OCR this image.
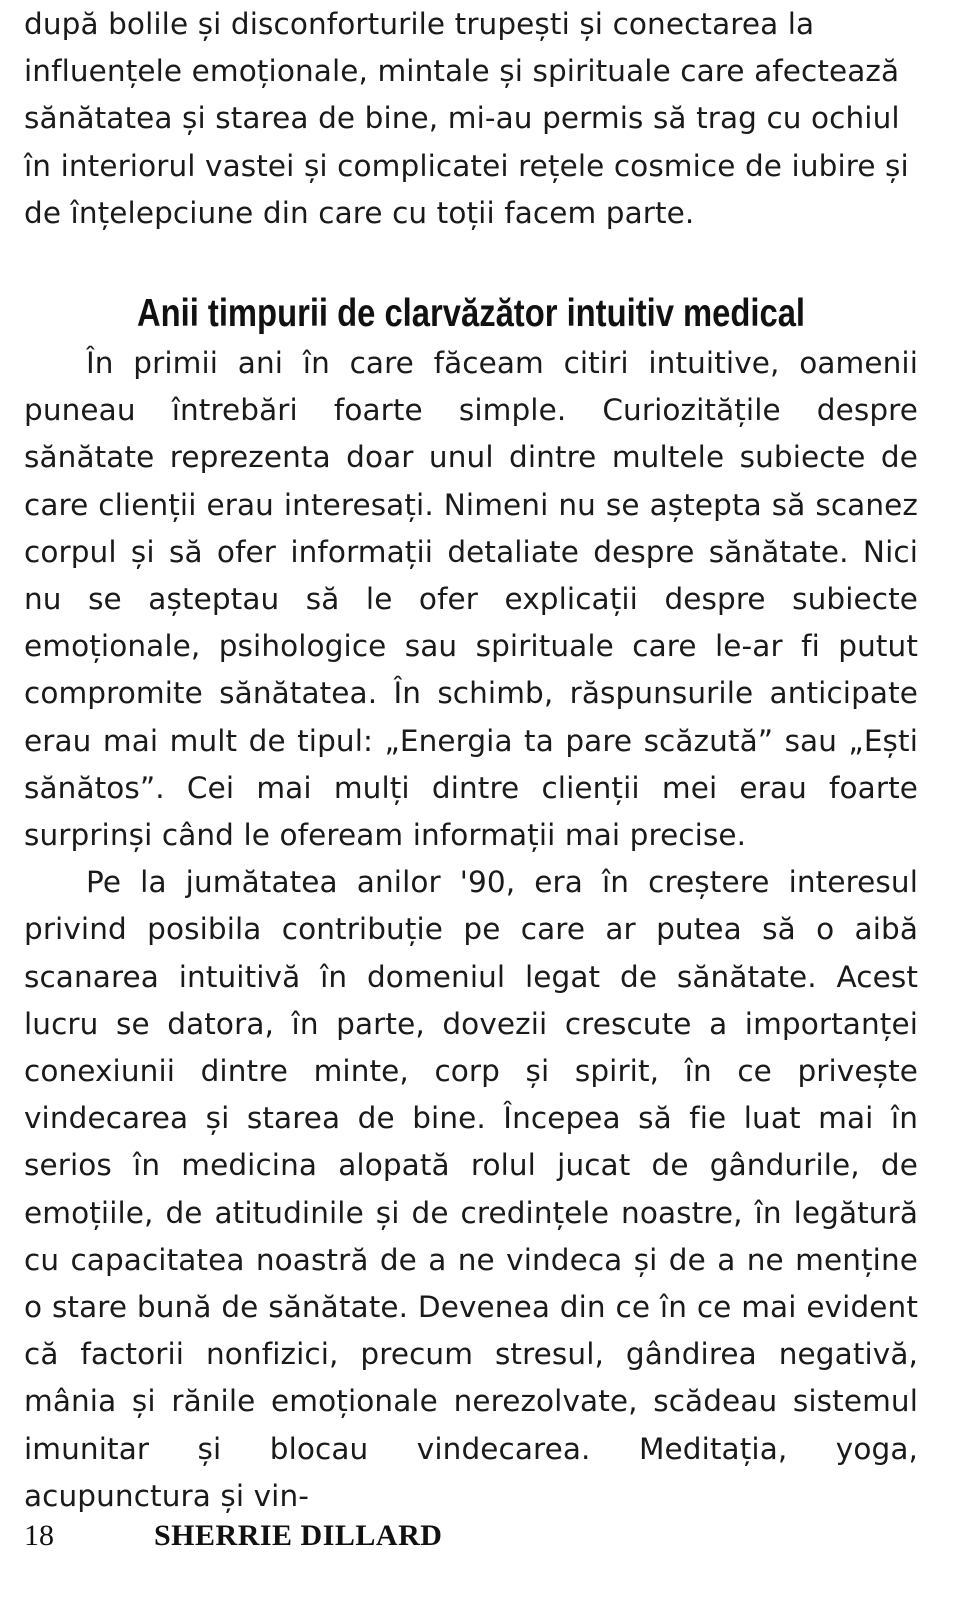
după bolile și disconforturile trupești și conectarea la influențele emoționale, mintale și spirituale care afectează sănătatea și starea de bine, mi-au permis să trag cu ochiul în interiorul vastei și complicatei rețele cosmice de iubire și de înțelepciune din care cu toții facem parte.

Anii timpurii de clarvăzător intuitiv medical

În primii ani în care făceam citiri intuitive, oamenii puneau întrebări foarte simple. Curiozitățile despre sănătate reprezenta doar unul dintre multele subiecte de care clienții erau interesați. Nimeni nu se aștepta să scanez corpul și să ofer informații detaliate despre sănătate. Nici nu se așteptau să le ofer explicații despre subiecte emoționale, psihologice sau spirituale care le-ar fi putut compromite sănătatea. În schimb, răspunsurile anticipate erau mai mult de tipul: „Energia ta pare scăzută” sau „Ești sănătos”. Cei mai mulți dintre clienții mei erau foarte surprinși când le ofeream informații mai precise.

Pe la jumătatea anilor '90, era în creștere interesul privind posibila contribuție pe care ar putea să o aibă scanarea intuitivă în domeniul legat de sănătate. Acest lucru se datora, în parte, dovezii crescute a importanței conexiunii dintre minte, corp și spirit, în ce privește vindecarea și starea de bine. Începea să fie luat mai în serios în medicina alopată rolul jucat de gândurile, de emoțiile, de atitudinile și de credințele noastre, în legătură cu capacitatea noastră de a ne vindeca și de a ne menține o stare bună de sănătate. Devenea din ce în ce mai evident că factorii nonfizici, precum stresul, gândirea negativă, mânia și rănile emoționale nerezolvate, scădeau sistemul imunitar și blocau vindecarea. Meditația, yoga, acupunctura și vin-

18	SHERRIE DILLARD
